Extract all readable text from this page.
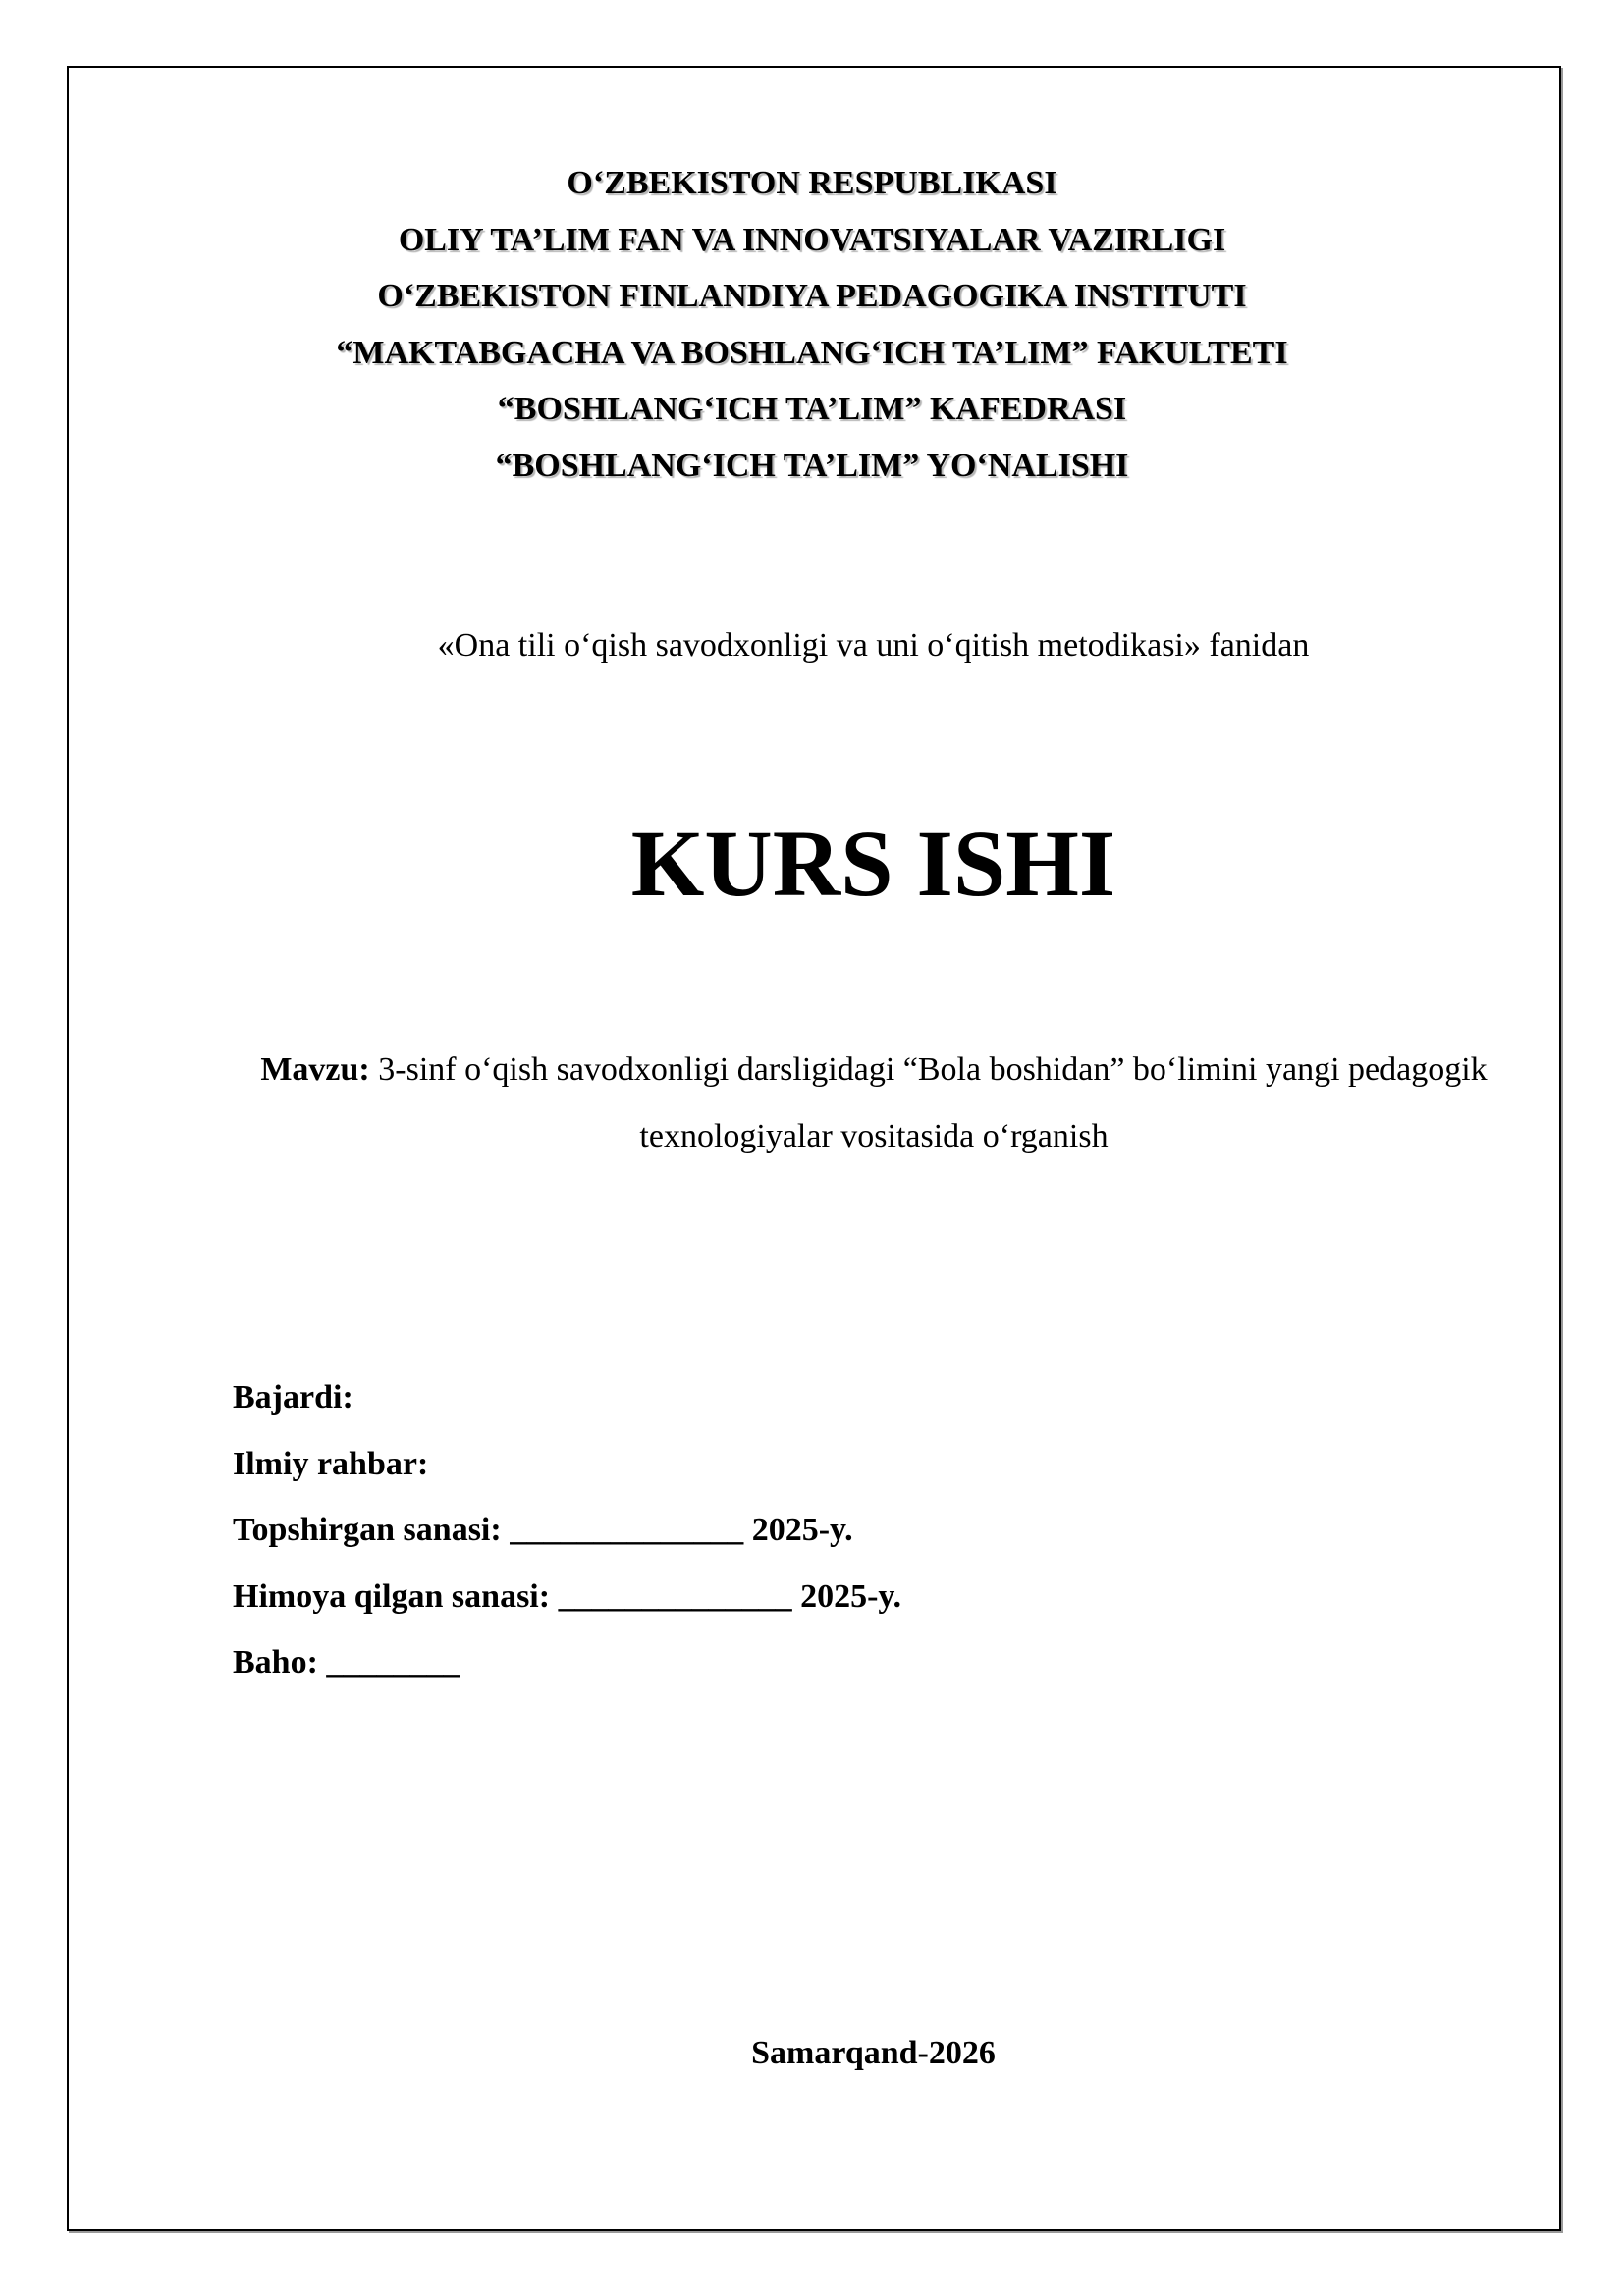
O‘ZBEKISTON RESPUBLIKASI
OLIY TA’LIM FAN VA INNOVATSIYALAR VAZIRLIGI
O‘ZBEKISTON FINLANDIYA PEDAGOGIKA INSTITUTI
“MAKTABGACHA VA BOSHLANG‘ICH TA’LIM” FAKULTETI
“BOSHLANG‘ICH TA’LIM” KAFEDRASI
“BOSHLANG‘ICH TA’LIM” YO‘NALISHI
«Ona tili o‘qish savodxonligi va uni o‘qitish metodikasi» fanidan
KURS ISHI
Mavzu: 3-sinf o‘qish savodxonligi darsligidagi “Bola boshidan” bo‘limini yangi pedagogik texnologiyalar vositasida o‘rganish
Bajardi:
Ilmiy rahbar:
Topshirgan sanasi: ______________ 2025-y.
Himoya qilgan sanasi: ______________ 2025-y.
Baho: ________
Samarqand-2026
